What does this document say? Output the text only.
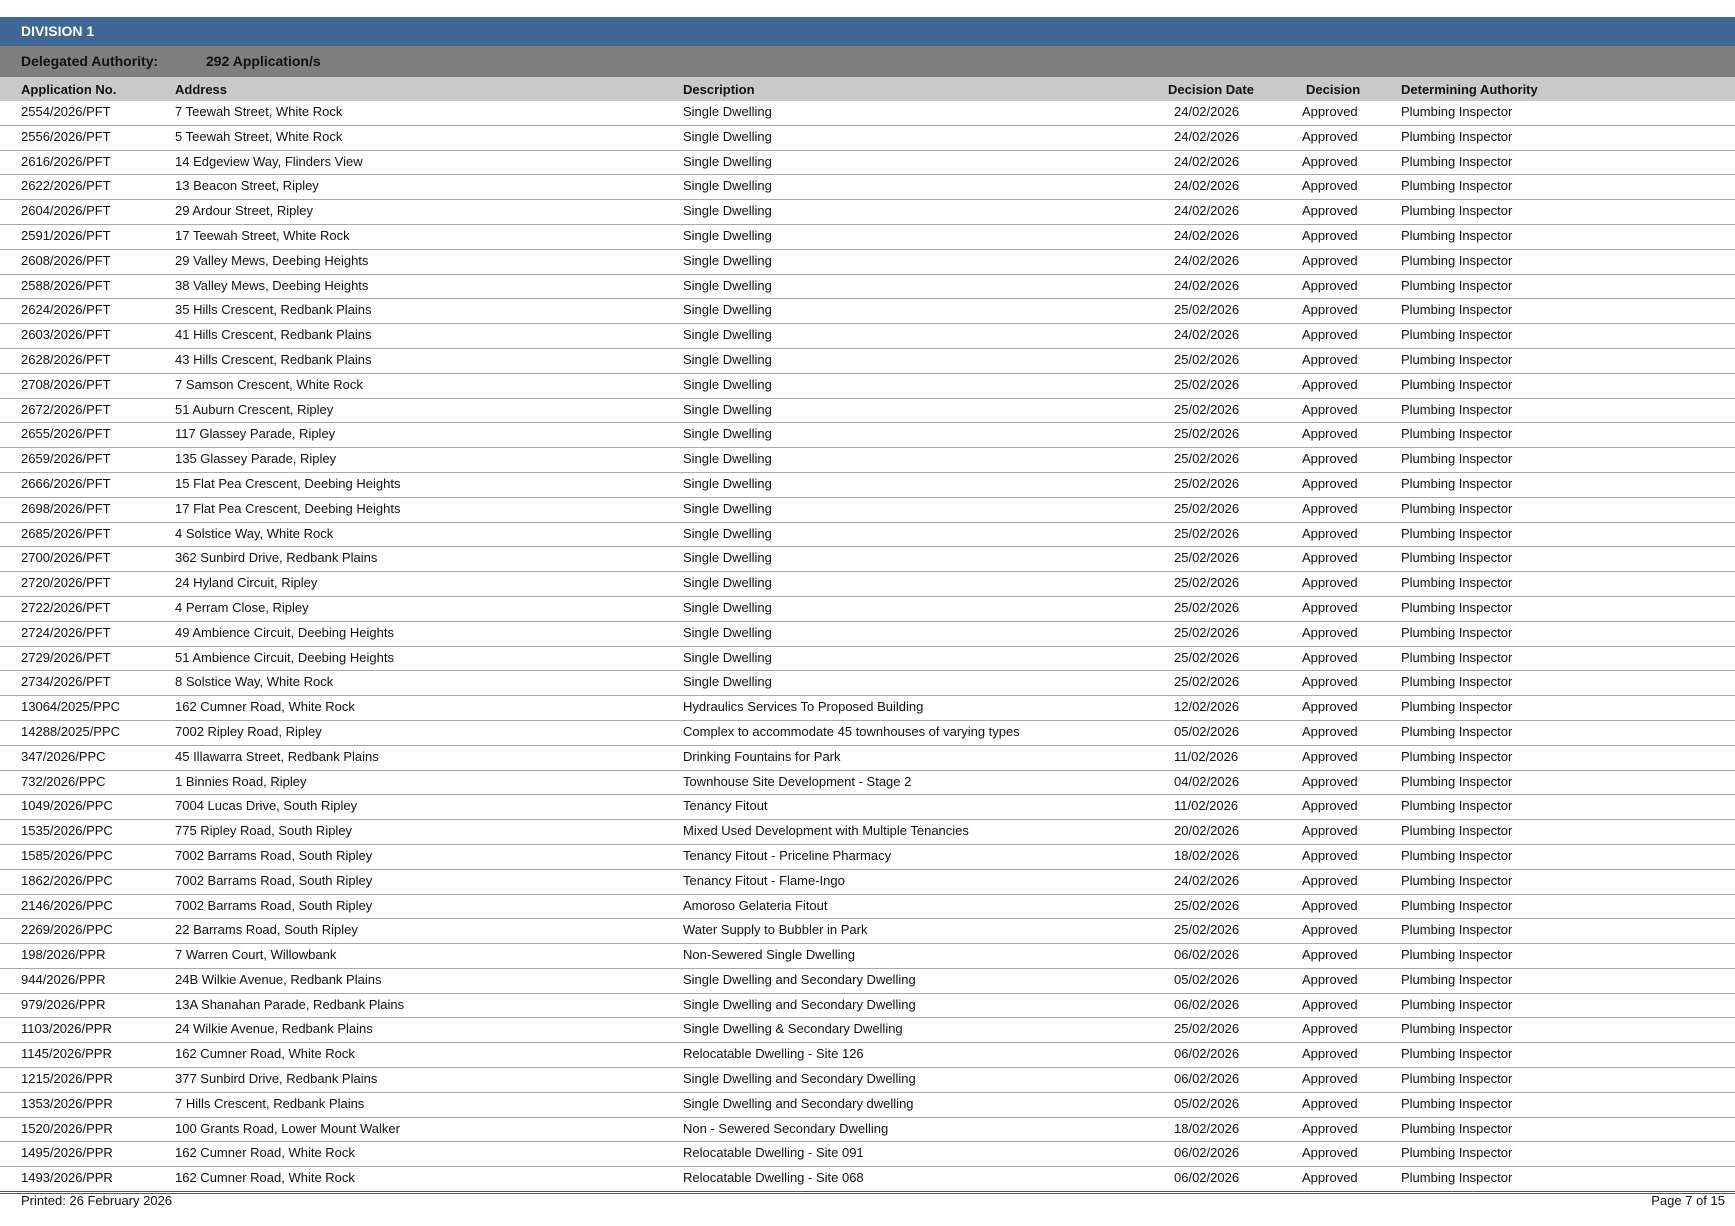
DIVISION 1
Delegated Authority:	292 Application/s
Application No.	Address	Description	Decision Date	Decision	Determining Authority
2554/2026/PFT	7 Teewah Street, White Rock	Single Dwelling	24/02/2026	Approved	Plumbing Inspector
2556/2026/PFT	5 Teewah Street, White Rock	Single Dwelling	24/02/2026	Approved	Plumbing Inspector
2616/2026/PFT	14 Edgeview Way, Flinders View	Single Dwelling	24/02/2026	Approved	Plumbing Inspector
2622/2026/PFT	13 Beacon Street, Ripley	Single Dwelling	24/02/2026	Approved	Plumbing Inspector
2604/2026/PFT	29 Ardour Street, Ripley	Single Dwelling	24/02/2026	Approved	Plumbing Inspector
2591/2026/PFT	17 Teewah Street, White Rock	Single Dwelling	24/02/2026	Approved	Plumbing Inspector
2608/2026/PFT	29 Valley Mews, Deebing Heights	Single Dwelling	24/02/2026	Approved	Plumbing Inspector
2588/2026/PFT	38 Valley Mews, Deebing Heights	Single Dwelling	24/02/2026	Approved	Plumbing Inspector
2624/2026/PFT	35 Hills Crescent, Redbank Plains	Single Dwelling	25/02/2026	Approved	Plumbing Inspector
2603/2026/PFT	41 Hills Crescent, Redbank Plains	Single Dwelling	24/02/2026	Approved	Plumbing Inspector
2628/2026/PFT	43 Hills Crescent, Redbank Plains	Single Dwelling	25/02/2026	Approved	Plumbing Inspector
2708/2026/PFT	7 Samson Crescent, White Rock	Single Dwelling	25/02/2026	Approved	Plumbing Inspector
2672/2026/PFT	51 Auburn Crescent, Ripley	Single Dwelling	25/02/2026	Approved	Plumbing Inspector
2655/2026/PFT	117 Glassey Parade, Ripley	Single Dwelling	25/02/2026	Approved	Plumbing Inspector
2659/2026/PFT	135 Glassey Parade, Ripley	Single Dwelling	25/02/2026	Approved	Plumbing Inspector
2666/2026/PFT	15 Flat Pea Crescent, Deebing Heights	Single Dwelling	25/02/2026	Approved	Plumbing Inspector
2698/2026/PFT	17 Flat Pea Crescent, Deebing Heights	Single Dwelling	25/02/2026	Approved	Plumbing Inspector
2685/2026/PFT	4 Solstice Way, White Rock	Single Dwelling	25/02/2026	Approved	Plumbing Inspector
2700/2026/PFT	362 Sunbird Drive, Redbank Plains	Single Dwelling	25/02/2026	Approved	Plumbing Inspector
2720/2026/PFT	24 Hyland Circuit, Ripley	Single Dwelling	25/02/2026	Approved	Plumbing Inspector
2722/2026/PFT	4 Perram Close, Ripley	Single Dwelling	25/02/2026	Approved	Plumbing Inspector
2724/2026/PFT	49 Ambience Circuit, Deebing Heights	Single Dwelling	25/02/2026	Approved	Plumbing Inspector
2729/2026/PFT	51 Ambience Circuit, Deebing Heights	Single Dwelling	25/02/2026	Approved	Plumbing Inspector
2734/2026/PFT	8 Solstice Way, White Rock	Single Dwelling	25/02/2026	Approved	Plumbing Inspector
13064/2025/PPC	162 Cumner Road, White Rock	Hydraulics Services To Proposed Building	12/02/2026	Approved	Plumbing Inspector
14288/2025/PPC	7002 Ripley Road, Ripley	Complex to accommodate 45 townhouses of varying types	05/02/2026	Approved	Plumbing Inspector
347/2026/PPC	45 Illawarra Street, Redbank Plains	Drinking Fountains for Park	11/02/2026	Approved	Plumbing Inspector
732/2026/PPC	1 Binnies Road, Ripley	Townhouse Site Development - Stage 2	04/02/2026	Approved	Plumbing Inspector
1049/2026/PPC	7004 Lucas Drive, South Ripley	Tenancy Fitout	11/02/2026	Approved	Plumbing Inspector
1535/2026/PPC	775 Ripley Road, South Ripley	Mixed Used Development with Multiple Tenancies	20/02/2026	Approved	Plumbing Inspector
1585/2026/PPC	7002 Barrams Road, South Ripley	Tenancy Fitout - Priceline Pharmacy	18/02/2026	Approved	Plumbing Inspector
1862/2026/PPC	7002 Barrams Road, South Ripley	Tenancy Fitout - Flame-Ingo	24/02/2026	Approved	Plumbing Inspector
2146/2026/PPC	7002 Barrams Road, South Ripley	Amoroso Gelateria Fitout	25/02/2026	Approved	Plumbing Inspector
2269/2026/PPC	22 Barrams Road, South Ripley	Water Supply to Bubbler in Park	25/02/2026	Approved	Plumbing Inspector
198/2026/PPR	7 Warren Court, Willowbank	Non-Sewered Single Dwelling	06/02/2026	Approved	Plumbing Inspector
944/2026/PPR	24B Wilkie Avenue, Redbank Plains	Single Dwelling and Secondary Dwelling	05/02/2026	Approved	Plumbing Inspector
979/2026/PPR	13A Shanahan Parade, Redbank Plains	Single Dwelling and Secondary Dwelling	06/02/2026	Approved	Plumbing Inspector
1103/2026/PPR	24 Wilkie Avenue, Redbank Plains	Single Dwelling & Secondary Dwelling	25/02/2026	Approved	Plumbing Inspector
1145/2026/PPR	162 Cumner Road, White Rock	Relocatable Dwelling - Site 126	06/02/2026	Approved	Plumbing Inspector
1215/2026/PPR	377 Sunbird Drive, Redbank Plains	Single Dwelling and Secondary Dwelling	06/02/2026	Approved	Plumbing Inspector
1353/2026/PPR	7 Hills Crescent, Redbank Plains	Single Dwelling and Secondary dwelling	05/02/2026	Approved	Plumbing Inspector
1520/2026/PPR	100 Grants Road, Lower Mount Walker	Non - Sewered Secondary Dwelling	18/02/2026	Approved	Plumbing Inspector
1495/2026/PPR	162 Cumner Road, White Rock	Relocatable Dwelling - Site 091	06/02/2026	Approved	Plumbing Inspector
1493/2026/PPR	162 Cumner Road, White Rock	Relocatable Dwelling - Site 068	06/02/2026	Approved	Plumbing Inspector
Printed: 26 February 2026	Page 7 of 15
